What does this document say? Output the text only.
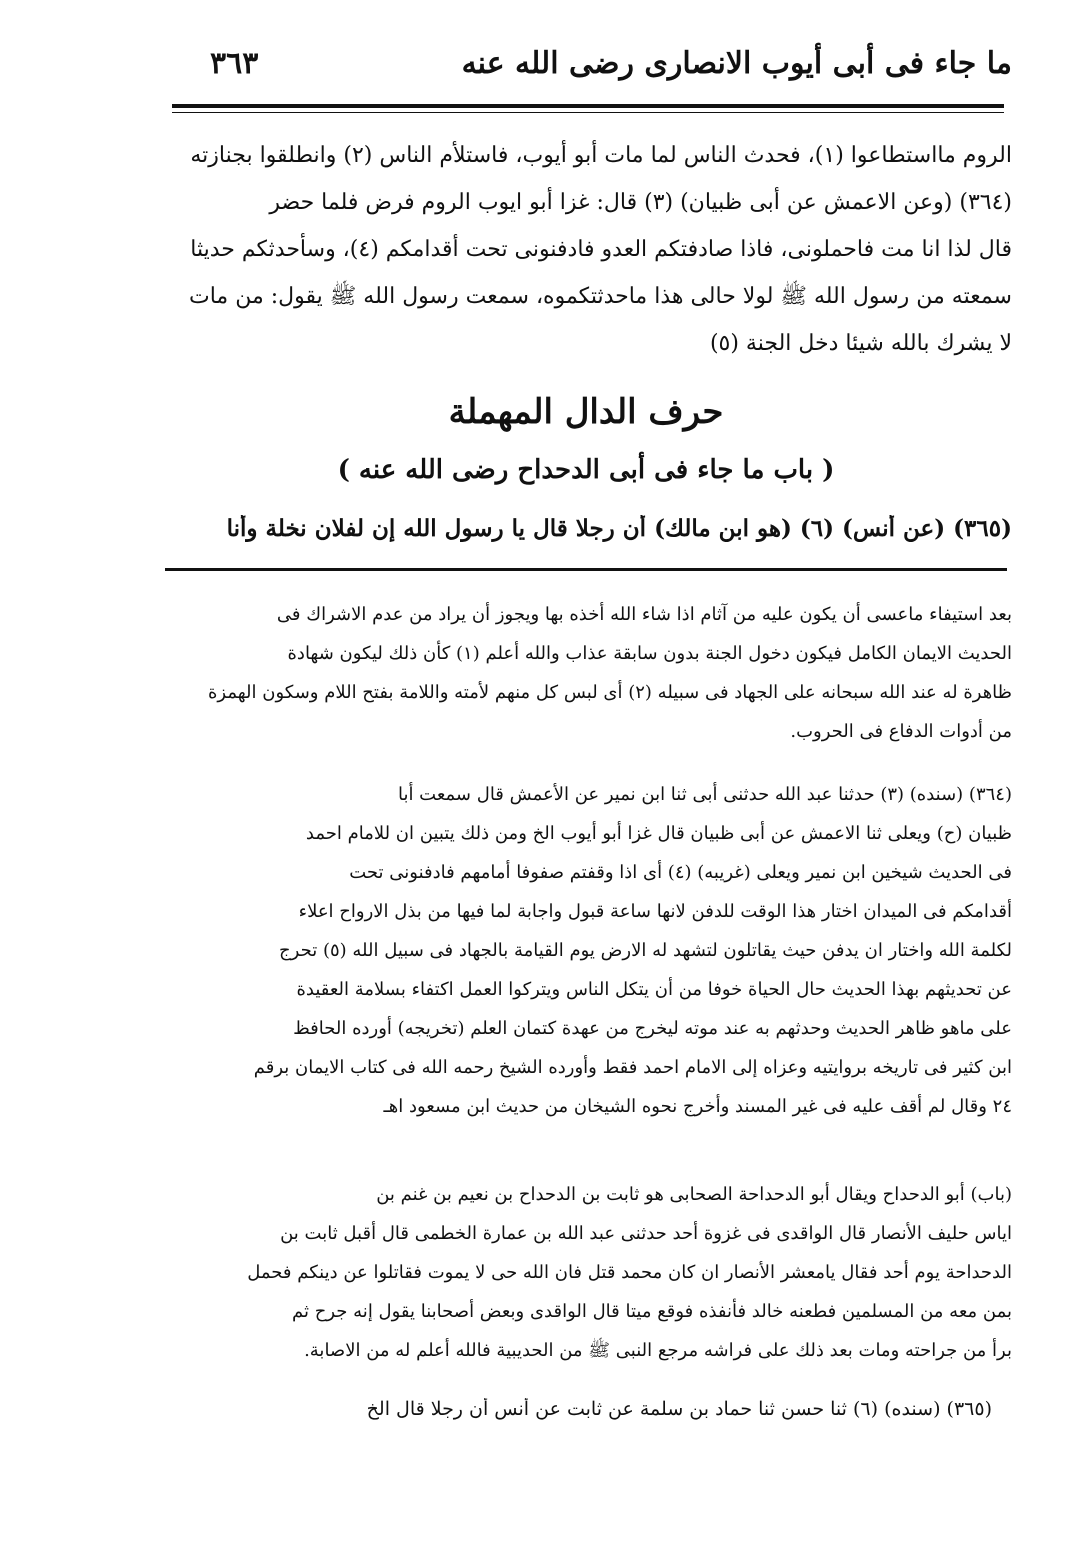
ما جاء فى أبى أيوب الانصارى رضى الله عنه
٣٦٣
الروم مااستطاعوا (١)، فحدث الناس لما مات أبو أيوب، فاستلأم الناس (٢) وانطلقوا بجنازته
(٣٦٤) (وعن الاعمش عن أبى ظبيان) (٣) قال: غزا أبو ايوب الروم فرض فلما حضر
قال لذا انا مت فاحملونى، فاذا صادفتكم العدو فادفنونى تحت أقدامكم (٤)، وسأحدثكم حديثا
سمعته من رسول الله ﷺ لولا حالى هذا ماحدثتكموه، سمعت رسول الله ﷺ يقول: من مات
لا يشرك بالله شيئا دخل الجنة (٥)
حرف الدال المهملة
( باب ما جاء فى أبى الدحداح رضى الله عنه )
(٣٦٥) (عن أنس) (٦) (هو ابن مالك) أن رجلا قال يا رسول الله إن لفلان نخلة وأنا
بعد استيفاء ماعسى أن يكون عليه من آثام اذا شاء الله أخذه بها ويجوز أن يراد من عدم الاشراك فى
الحديث الايمان الكامل فيكون دخول الجنة بدون سابقة عذاب والله أعلم (١) كأن ذلك ليكون شهادة
ظاهرة له عند الله سبحانه على الجهاد فى سبيله (٢) أى لبس كل منهم لأمته واللامة بفتح اللام وسكون الهمزة
من أدوات الدفاع فى الحروب.
(٣٦٤) (سنده) (٣) حدثنا عبد الله حدثنى أبى ثنا ابن نمير عن الأعمش قال سمعت أبا
ظبيان (ح) ويعلى ثنا الاعمش عن أبى ظبيان قال غزا أبو أيوب الخ ومن ذلك يتبين ان للامام احمد
فى الحديث شيخين ابن نمير ويعلى (غريبه) (٤) أى اذا وقفتم صفوفا أمامهم فادفنونى تحت
أقدامكم فى الميدان اختار هذا الوقت للدفن لانها ساعة قبول واجابة لما فيها من بذل الارواح اعلاء
لكلمة الله واختار ان يدفن حيث يقاتلون لتشهد له الارض يوم القيامة بالجهاد فى سبيل الله (٥) تحرج
عن تحديثهم بهذا الحديث حال الحياة خوفا من أن يتكل الناس ويتركوا العمل اكتفاء بسلامة العقيدة
على ماهو ظاهر الحديث وحدثهم به عند موته ليخرج من عهدة كتمان العلم (تخريجه) أورده الحافظ
ابن كثير فى تاريخه بروايتيه وعزاه إلى الامام احمد فقط وأورده الشيخ رحمه الله فى كتاب الايمان برقم
٢٤ وقال لم أقف عليه فى غير المسند وأخرج نحوه الشيخان من حديث ابن مسعود اهـ
(باب) أبو الدحداح ويقال أبو الدحداحة الصحابى هو ثابت بن الدحداح بن نعيم بن غنم بن
اياس حليف الأنصار قال الواقدى فى غزوة أحد حدثنى عبد الله بن عمارة الخطمى قال أقبل ثابت بن
الدحداحة يوم أحد فقال يامعشر الأنصار ان كان محمد قتل فان الله حى لا يموت فقاتلوا عن دينكم فحمل
بمن معه من المسلمين فطعنه خالد فأنفذه فوقع ميتا قال الواقدى وبعض أصحابنا يقول إنه جرح ثم
برأ من جراحته ومات بعد ذلك على فراشه مرجع النبى ﷺ من الحديبية فالله أعلم له من الاصابة.
(٣٦٥) (سنده) (٦) ثنا حسن ثنا حماد بن سلمة عن ثابت عن أنس أن رجلا قال الخ
